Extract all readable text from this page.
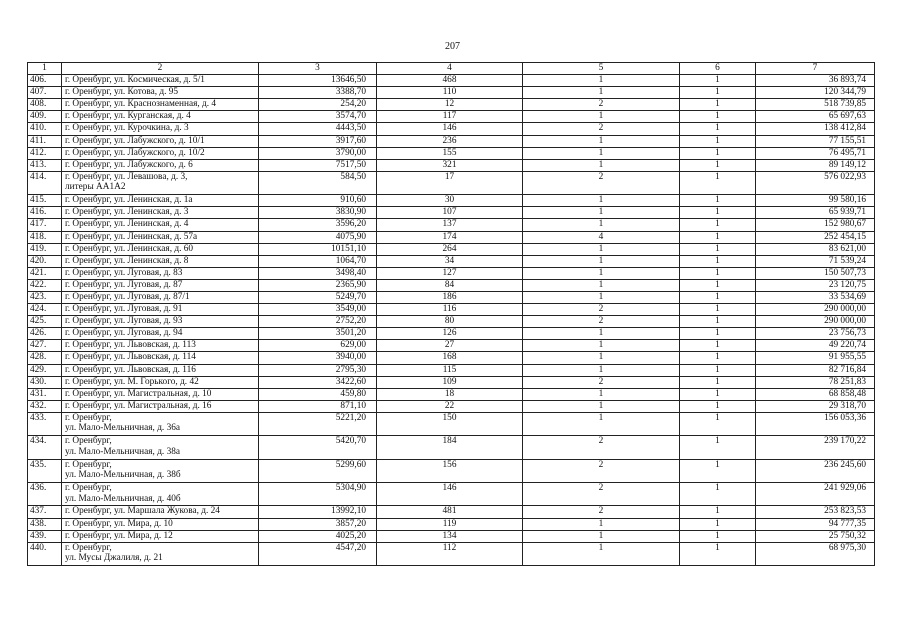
207
1	2	3	4	5	6	7
406.	г. Оренбург, ул. Космическая, д. 5/1	13646,50	468	1	1	36 893,74
407.	г. Оренбург, ул. Котова, д. 95	3388,70	110	1	1	120 344,79
408.	г. Оренбург, ул. Краснознаменная, д. 4	254,20	12	2	1	518 739,85
409.	г. Оренбург, ул. Курганская, д. 4	3574,70	117	1	1	65 697,63
410.	г. Оренбург, ул. Курочкина, д. 3	4443,50	146	2	1	138 412,84
411.	г. Оренбург, ул. Лабужского, д. 10/1	3917,60	236	1	1	77 155,51
412.	г. Оренбург, ул. Лабужского, д. 10/2	3790,00	155	1	1	76 495,71
413.	г. Оренбург, ул. Лабужского, д. 6	7517,50	321	1	1	89 149,12
414.	г. Оренбург, ул. Левашова, д. 3,
литеры АА1А2	584,50	17	2	1	576 022,93
415.	г. Оренбург, ул. Ленинская, д. 1а	910,60	30	1	1	99 580,16
416.	г. Оренбург, ул. Ленинская, д. 3	3830,90	107	1	1	65 939,71
417.	г. Оренбург, ул. Ленинская, д. 4	3596,20	137	1	1	152 980,67
418.	г. Оренбург, ул. Ленинская, д. 57а	4075,90	174	4	1	252 454,15
419.	г. Оренбург, ул. Ленинская, д. 60	10151,10	264	1	1	83 621,00
420.	г. Оренбург, ул. Ленинская, д. 8	1064,70	34	1	1	71 539,24
421.	г. Оренбург, ул. Луговая, д. 83	3498,40	127	1	1	150 507,73
422.	г. Оренбург, ул. Луговая, д. 87	2365,90	84	1	1	23 120,75
423.	г. Оренбург, ул. Луговая, д. 87/1	5249,70	186	1	1	33 534,69
424.	г. Оренбург, ул. Луговая, д. 91	3549,00	116	2	1	290 000,00
425.	г. Оренбург, ул. Луговая, д. 93	2752,20	80	2	1	290 000,00
426.	г. Оренбург, ул. Луговая, д. 94	3501,20	126	1	1	23 756,73
427.	г. Оренбург, ул. Львовская, д. 113	629,00	27	1	1	49 220,74
428.	г. Оренбург, ул. Львовская, д. 114	3940,00	168	1	1	91 955,55
429.	г. Оренбург, ул. Львовская, д. 116	2795,30	115	1	1	82 716,84
430.	г. Оренбург, ул. М. Горького, д. 42	3422,60	109	2	1	78 251,83
431.	г. Оренбург, ул. Магистральная, д. 10	459,80	18	1	1	68 858,48
432.	г. Оренбург, ул. Магистральная, д. 16	871,10	22	1	1	29 318,70
433.	г. Оренбург,
ул. Мало-Мельничная, д. 36а	5221,20	150	1	1	156 053,36
434.	г. Оренбург,
ул. Мало-Мельничная, д. 38а	5420,70	184	2	1	239 170,22
435.	г. Оренбург,
ул. Мало-Мельничная, д. 38б	5299,60	156	2	1	236 245,60
436.	г. Оренбург,
ул. Мало-Мельничная, д. 40б	5304,90	146	2	1	241 929,06
437.	г. Оренбург, ул. Маршала Жукова, д. 24	13992,10	481	2	1	253 823,53
438.	г. Оренбург, ул. Мира, д. 10	3857,20	119	1	1	94 777,35
439.	г. Оренбург, ул. Мира, д. 12	4025,20	134	1	1	25 750,32
440.	г. Оренбург,
ул. Мусы Джалиля, д. 21	4547,20	112	1	1	68 975,30
